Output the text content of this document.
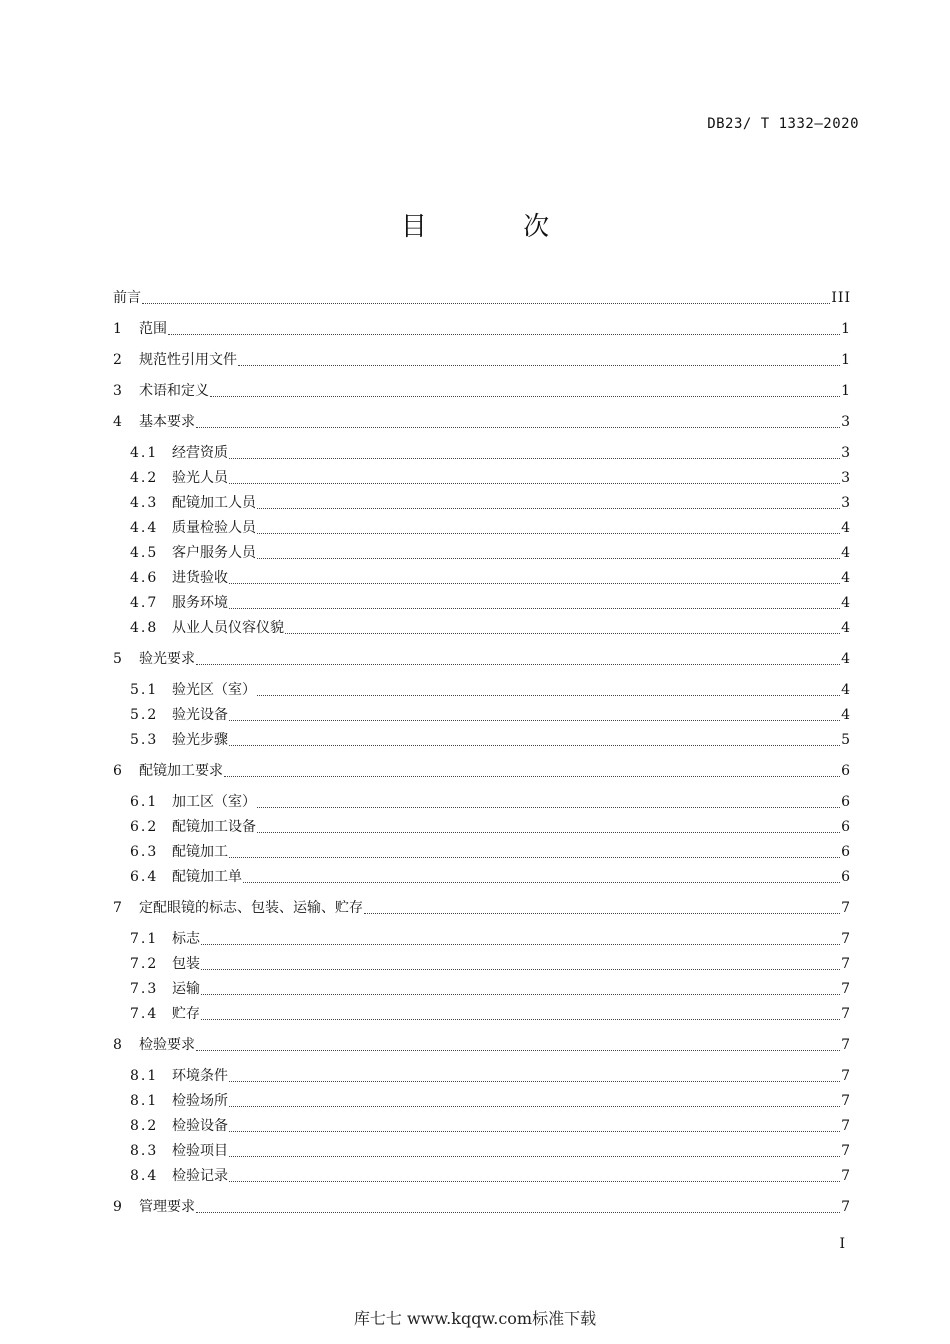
DB23/ T 1332—2020
目 次
前言	III
1	范围	1
2	规范性引用文件	1
3	术语和定义	1
4	基本要求	3
4.1 经营资质	3
4.2 验光人员	3
4.3 配镜加工人员	3
4.4 质量检验人员	4
4.5 客户服务人员	4
4.6 进货验收	4
4.7 服务环境	4
4.8 从业人员仪容仪貌	4
5	验光要求	4
5.1 验光区（室）	4
5.2 验光设备	4
5.3 验光步骤	5
6	配镜加工要求	6
6.1 加工区（室）	6
6.2 配镜加工设备	6
6.3 配镜加工	6
6.4 配镜加工单	6
7	定配眼镜的标志、包装、运输、贮存	7
7.1 标志	7
7.2 包装	7
7.3 运输	7
7.4 贮存	7
8	检验要求	7
8.1 环境条件	7
8.1 检验场所	7
8.2 检验设备	7
8.3 检验项目	7
8.4 检验记录	7
9	管理要求	7
I
库七七 www.kqqw.com标准下载
